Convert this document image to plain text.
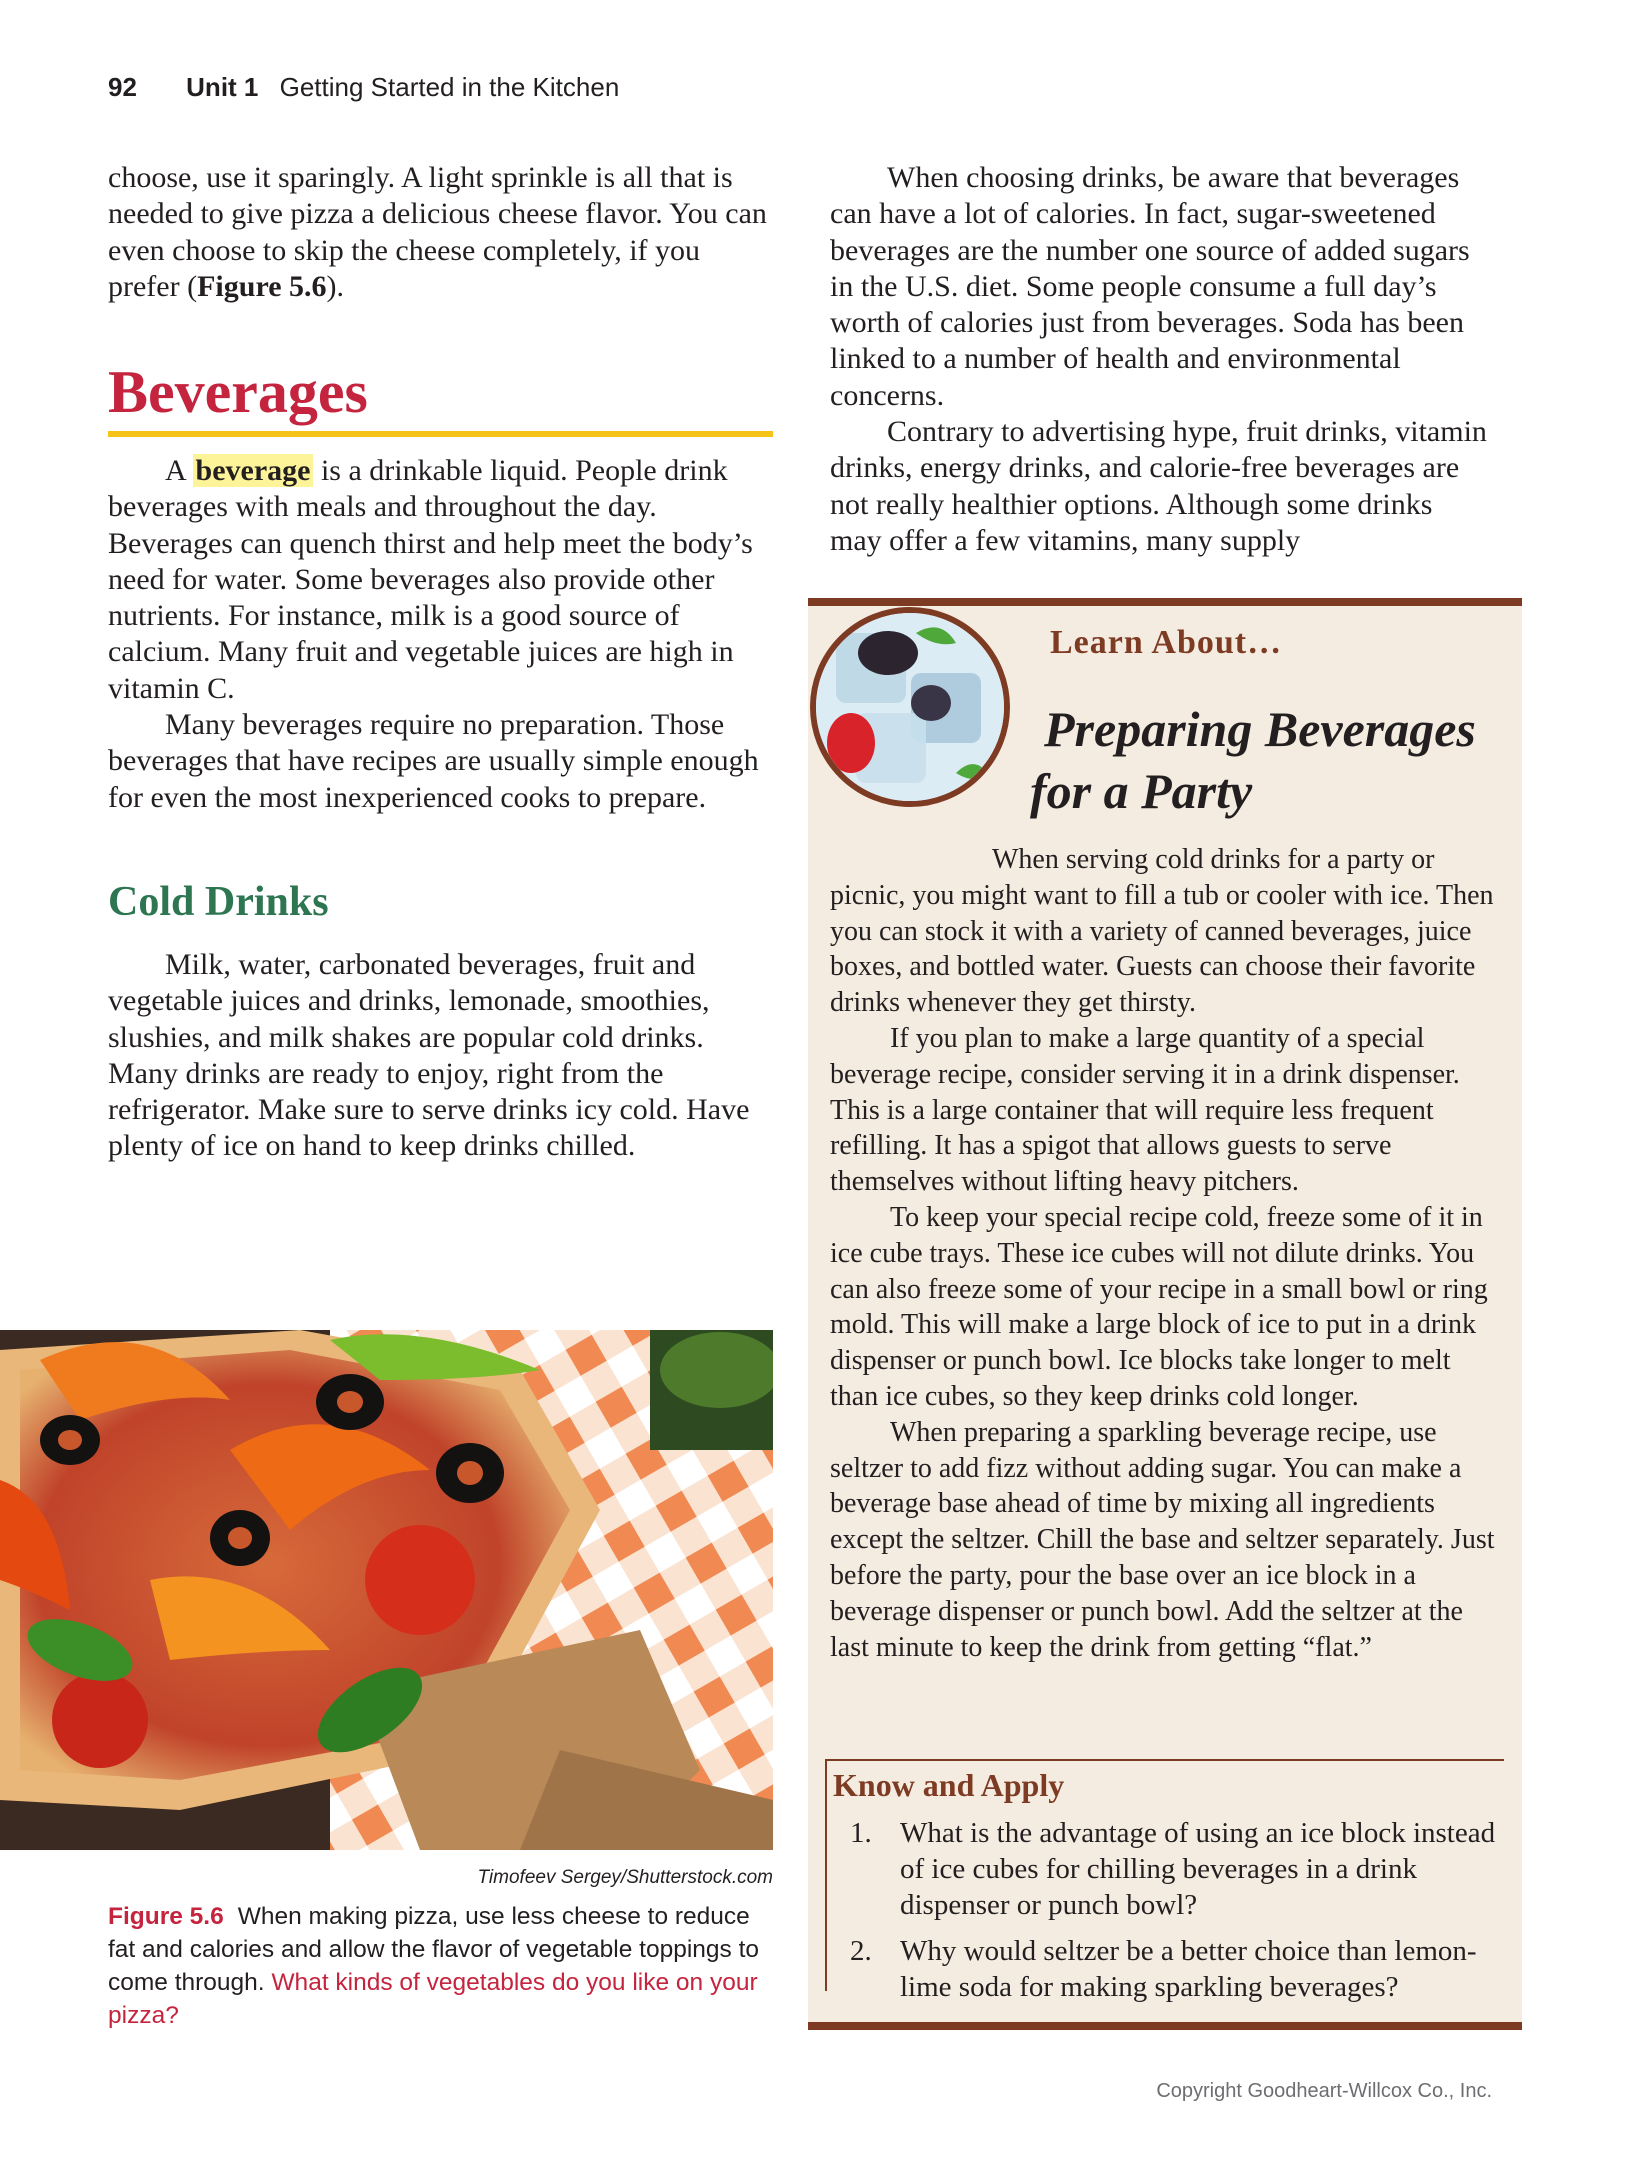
92 Unit 1 Getting Started in the Kitchen

choose, use it sparingly. A light sprinkle is all that is needed to give pizza a delicious cheese flavor. You can even choose to skip the cheese completely, if you prefer (Figure 5.6).

Beverages

A beverage is a drinkable liquid. People drink beverages with meals and throughout the day. Beverages can quench thirst and help meet the body’s need for water. Some beverages also provide other nutrients. For instance, milk is a good source of calcium. Many fruit and vegetable juices are high in vitamin C.

Many beverages require no preparation. Those beverages that have recipes are usually simple enough for even the most inexperienced cooks to prepare.

Cold Drinks

Milk, water, carbonated beverages, fruit and vegetable juices and drinks, lemonade, smoothies, slushies, and milk shakes are popular cold drinks. Many drinks are ready to enjoy, right from the refrigerator. Make sure to serve drinks icy cold. Have plenty of ice on hand to keep drinks chilled.

When choosing drinks, be aware that beverages can have a lot of calories. In fact, sugar-sweetened beverages are the number one source of added sugars in the U.S. diet. Some people consume a full day’s worth of calories just from beverages. Soda has been linked to a number of health and environmental concerns.

Contrary to advertising hype, fruit drinks, vitamin drinks, energy drinks, and calorie-free beverages are not really healthier options. Although some drinks may offer a few vitamins, many supply

Timofeev Sergey/Shutterstock.com
Figure 5.6 When making pizza, use less cheese to reduce fat and calories and allow the flavor of vegetable toppings to come through. What kinds of vegetables do you like on your pizza?
Learn About…
Preparing Beverages
for a Party

When serving cold drinks for a party or picnic, you might want to fill a tub or cooler with ice. Then you can stock it with a variety of canned beverages, juice boxes, and bottled water. Guests can choose their favorite drinks whenever they get thirsty.

If you plan to make a large quantity of a special beverage recipe, consider serving it in a drink dispenser. This is a large container that will require less frequent refilling. It has a spigot that allows guests to serve themselves without lifting heavy pitchers.

To keep your special recipe cold, freeze some of it in ice cube trays. These ice cubes will not dilute drinks. You can also freeze some of your recipe in a small bowl or ring mold. This will make a large block of ice to put in a drink dispenser or punch bowl. Ice blocks take longer to melt than ice cubes, so they keep drinks cold longer.

When preparing a sparkling beverage recipe, use seltzer to add fizz without adding sugar. You can make a beverage base ahead of time by mixing all ingredients except the seltzer. Chill the base and seltzer separately. Just before the party, pour the base over an ice block in a beverage dispenser or punch bowl. Add the seltzer at the last minute to keep the drink from getting “flat.”

Know and Apply
1. What is the advantage of using an ice block instead of ice cubes for chilling beverages in a drink dispenser or punch bowl?
2. Why would seltzer be a better choice than lemon-lime soda for making sparkling beverages?
Copyright Goodheart-Willcox Co., Inc.
